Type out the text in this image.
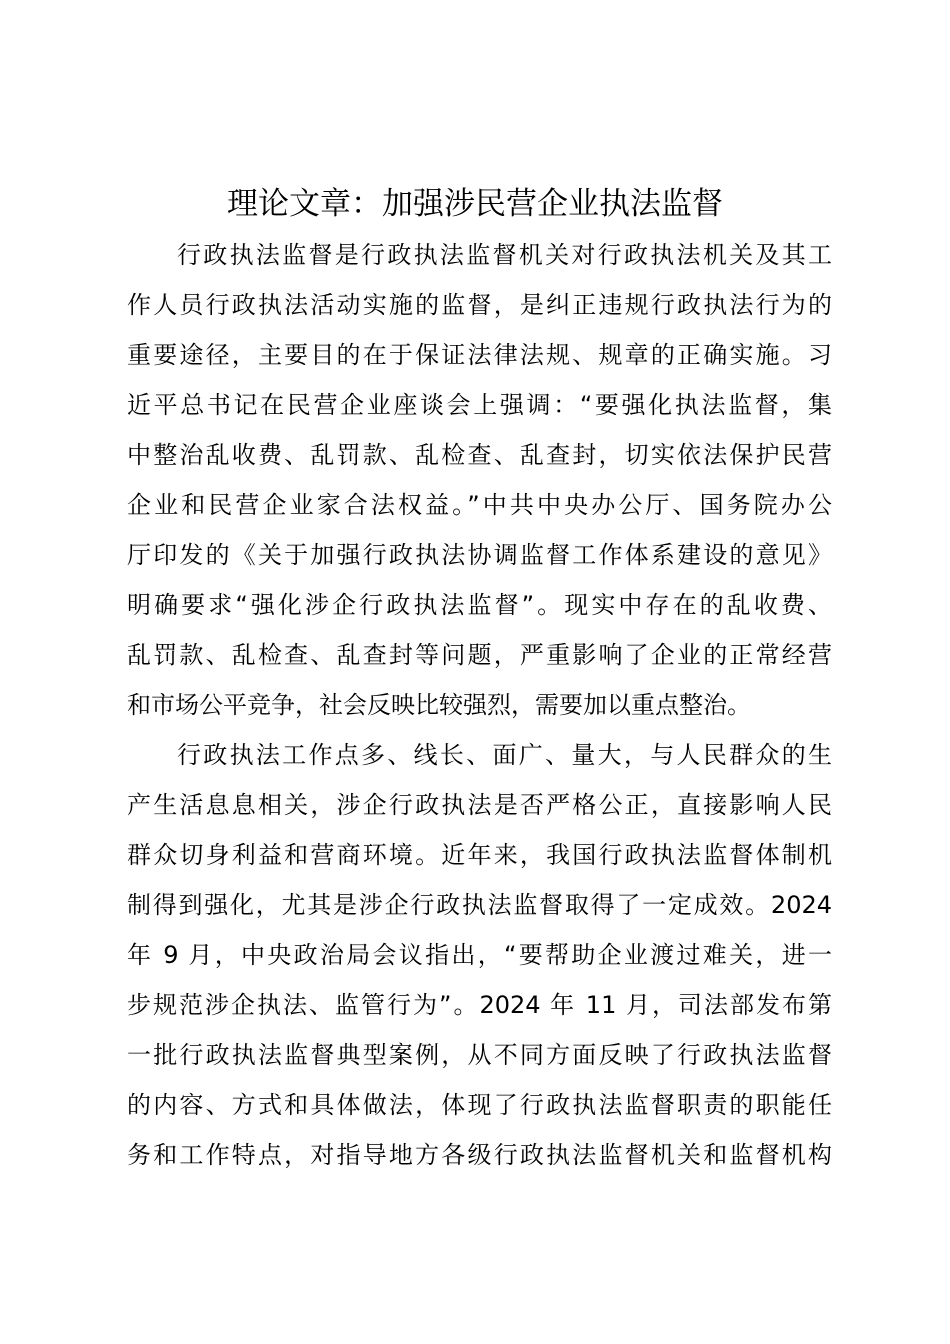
理论文章：加强涉民营企业执法监督

行政执法监督是行政执法监督机关对行政执法机关及其工

作人员行政执法活动实施的监督，是纠正违规行政执法行为的

重要途径，主要目的在于保证法律法规、规章的正确实施。习

近平总书记在民营企业座谈会上强调：“要强化执法监督，集

中整治乱收费、乱罚款、乱检查、乱查封，切实依法保护民营

企业和民营企业家合法权益。”中共中央办公厅、国务院办公

厅印发的《关于加强行政执法协调监督工作体系建设的意见》

明确要求“强化涉企行政执法监督”。现实中存在的乱收费、

乱罚款、乱检查、乱查封等问题，严重影响了企业的正常经营

和市场公平竞争，社会反映比较强烈，需要加以重点整治。

行政执法工作点多、线长、面广、量大，与人民群众的生

产生活息息相关，涉企行政执法是否严格公正，直接影响人民

群众切身利益和营商环境。近年来，我国行政执法监督体制机

制得到强化，尤其是涉企行政执法监督取得了一定成效。2024

年 9 月，中央政治局会议指出，“要帮助企业渡过难关，进一

步规范涉企执法、监管行为”。2024 年 11 月，司法部发布第

一批行政执法监督典型案例，从不同方面反映了行政执法监督

的内容、方式和具体做法，体现了行政执法监督职责的职能任

务和工作特点，对指导地方各级行政执法监督机关和监督机构
